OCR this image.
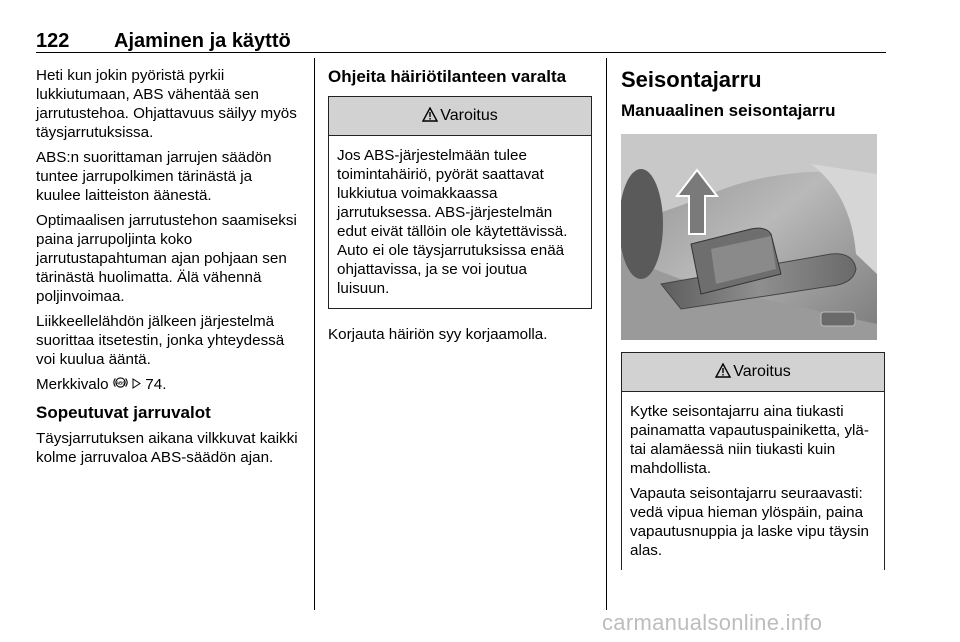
122 Ajaminen ja käyttö

Heti kun jokin pyöristä pyrkii lukkiutumaan, ABS vähentää sen jarrutustehoa. Ohjattavuus säilyy myös täysjarrutuksissa.

ABS:n suorittaman jarrujen säädön tuntee jarrupolkimen tärinästä ja kuulee laitteiston äänestä.

Optimaalisen jarrutustehon saamiseksi paina jarrupoljinta koko jarrutustapahtuman ajan pohjaan sen tärinästä huolimatta. Älä vähennä poljinvoimaa.

Liikkeellelähdön jälkeen järjestelmä suorittaa itsetestin, jonka yhteydessä voi kuulua ääntä.

Merkkivalo ABS 74.

Sopeutuvat jarruvalot

Täysjarrutuksen aikana vilkkuvat kaikki kolme jarruvaloa ABS-säädön ajan.

Ohjeita häiriötilanteen varalta
Varoitus

Jos ABS-järjestelmään tulee toimintahäiriö, pyörät saattavat lukkiutua voimakkaassa jarrutuksessa. ABS-järjestelmän edut eivät tällöin ole käytettävissä. Auto ei ole täysjarrutuksissa enää ohjattavissa, ja se voi joutua luisuun.

Korjauta häiriön syy korjaamolla.

Seisontajarru
Manuaalinen seisontajarru
Varoitus

Kytke seisontajarru aina tiukasti painamatta vapautuspainiketta, ylä- tai alamäessä niin tiukasti kuin mahdollista.

Vapauta seisontajarru seuraavasti: vedä vipua hieman ylöspäin, paina vapautusnuppia ja laske vipu täysin alas.

carmanualsonline.info
